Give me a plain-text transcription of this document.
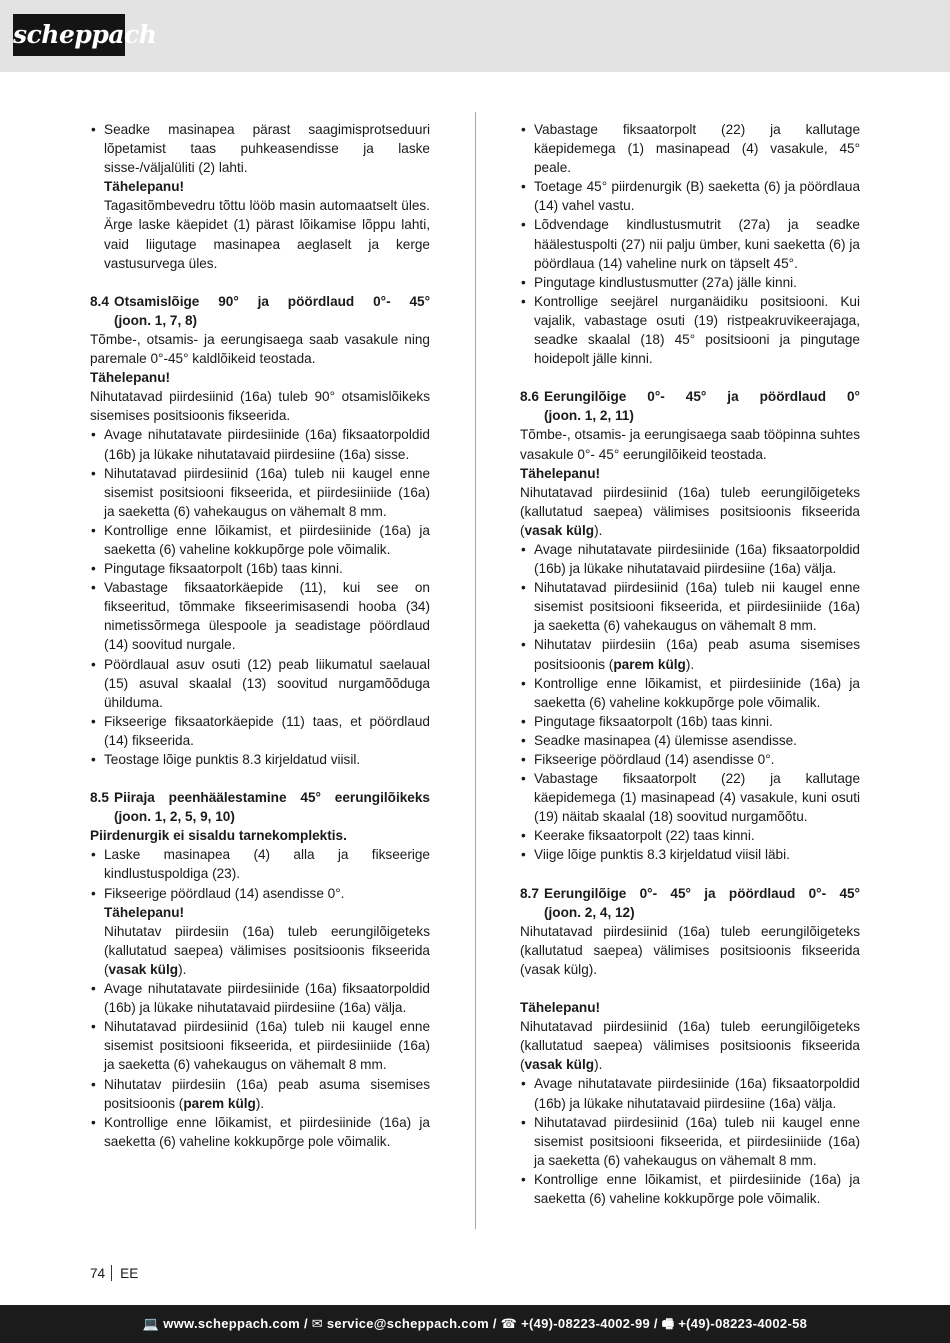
scheppach
• Seadke masinapea pärast saagimisprotseduuri lõpetamist taas puhkeasendisse ja laske sisse-/väljalüliti (2) lahti.
Tähelepanu!
Tagasitõmbevedru tõttu lööb masin automaatselt üles. Ärge laske käepidet (1) pärast lõikamise lõppu lahti, vaid liigutage masinapea aeglaselt ja kerge vastusurvega üles.
8.4 Otsamislõige 90° ja pöördlaud 0°- 45°
(joon. 1, 7, 8)
Tõmbe-, otsamis- ja eerungisaega saab vasakule ning paremale 0°-45° kaldlõikeid teostada.
Tähelepanu!
Nihutatavad piirdesiinid (16a) tuleb 90° otsamislõikeks sisemises positsioonis fikseerida.
• Avage nihutatavate piirdesiinide (16a) fiksaatorpoldid (16b) ja lükake nihutatavaid piirdesiine (16a) sisse.
• Nihutatavad piirdesiinid (16a) tuleb nii kaugel enne sisemist positsiooni fikseerida, et piirdesiiniide (16a) ja saeketta (6) vahekaugus on vähemalt 8 mm.
• Kontrollige enne lõikamist, et piirdesiinide (16a) ja saeketta (6) vaheline kokkupõrge pole võimalik.
• Pingutage fiksaatorpolt (16b) taas kinni.
• Vabastage fiksaatorkäepide (11), kui see on fikseeritud, tõmmake fikseerimisasendi hooba (34) nimetissõrmega ülespoole ja seadistage pöördlaud (14) soovitud nurgale.
• Pöördlaual asuv osuti (12) peab liikumatul saelaual (15) asuval skaalal (13) soovitud nurgamõõduga ühilduma.
• Fikseerige fiksaatorkäepide (11) taas, et pöördlaud (14) fikseerida.
• Teostage lõige punktis 8.3 kirjeldatud viisil.
8.5 Piiraja peenhäälestamine 45° eerungilõikeks
(joon. 1, 2, 5, 9, 10)
Piirdenurgik ei sisaldu tarnekomplektis.
• Laske masinapea (4) alla ja fikseerige kindlustuspoldiga (23).
• Fikseerige pöördlaud (14) asendisse 0°.
Tähelepanu!
Nihutatav piirdesiin (16a) tuleb eerungilõigeteks (kallutatud saepea) välimises positsioonis fikseerida (vasak külg).
• Avage nihutatavate piirdesiinide (16a) fiksaatorpoldid (16b) ja lükake nihutatavaid piirdesiine (16a) välja.
• Nihutatavad piirdesiinid (16a) tuleb nii kaugel enne sisemist positsiooni fikseerida, et piirdesiiniide (16a) ja saeketta (6) vahekaugus on vähemalt 8 mm.
• Nihutatav piirdesiin (16a) peab asuma sisemises positsioonis (parem külg).
• Kontrollige enne lõikamist, et piirdesiinide (16a) ja saeketta (6) vaheline kokkupõrge pole võimalik.
• Vabastage fiksaatorpolt (22) ja kallutage käepidemega (1) masinapead (4) vasakule, 45° peale.
• Toetage 45° piirdenurgik (B) saeketta (6) ja pöördlaua (14) vahel vastu.
• Lõdvendage kindlustusmutrit (27a) ja seadke häälestuspolti (27) nii palju ümber, kuni saeketta (6) ja pöördlaua (14) vaheline nurk on täpselt 45°.
• Pingutage kindlustusmutter (27a) jälle kinni.
• Kontrollige seejärel nurganäidiku positsiooni. Kui vajalik, vabastage osuti (19) ristpeakruvikeerajaga, seadke skaalal (18) 45° positsiooni ja pingutage hoidepolt jälle kinni.
8.6 Eerungilõige 0°- 45° ja pöördlaud 0°
(joon. 1, 2, 11)
Tõmbe-, otsamis- ja eerungisaega saab tööpinna suhtes vasakule 0°- 45° eerungilõikeid teostada.
Tähelepanu!
Nihutatavad piirdesiinid (16a) tuleb eerungilõigeteks (kallutatud saepea) välimises positsioonis fikseerida (vasak külg).
• Avage nihutatavate piirdesiinide (16a) fiksaatorpoldid (16b) ja lükake nihutatavaid piirdesiine (16a) välja.
• Nihutatavad piirdesiinid (16a) tuleb nii kaugel enne sisemist positsiooni fikseerida, et piirdesiiniide (16a) ja saeketta (6) vahekaugus on vähemalt 8 mm.
• Nihutatav piirdesiin (16a) peab asuma sisemises positsioonis (parem külg).
• Kontrollige enne lõikamist, et piirdesiinide (16a) ja saeketta (6) vaheline kokkupõrge pole võimalik.
• Pingutage fiksaatorpolt (16b) taas kinni.
• Seadke masinapea (4) ülemisse asendisse.
• Fikseerige pöördlaud (14) asendisse 0°.
• Vabastage fiksaatorpolt (22) ja kallutage käepidemega (1) masinapead (4) vasakule, kuni osuti (19) näitab skaalal (18) soovitud nurgamõõtu.
• Keerake fiksaatorpolt (22) taas kinni.
• Viige lõige punktis 8.3 kirjeldatud viisil läbi.
8.7 Eerungilõige 0°- 45° ja pöördlaud 0°- 45°
(joon. 2, 4, 12)
Nihutatavad piirdesiinid (16a) tuleb eerungilõigeteks (kallutatud saepea) välimises positsioonis fikseerida (vasak külg).
Tähelepanu!
Nihutatavad piirdesiinid (16a) tuleb eerungilõigeteks (kallutatud saepea) välimises positsioonis fikseerida (vasak külg).
• Avage nihutatavate piirdesiinide (16a) fiksaatorpoldid (16b) ja lükake nihutatavaid piirdesiine (16a) välja.
• Nihutatavad piirdesiinid (16a) tuleb nii kaugel enne sisemist positsiooni fikseerida, et piirdesiiniide (16a) ja saeketta (6) vahekaugus on vähemalt 8 mm.
• Kontrollige enne lõikamist, et piirdesiinide (16a) ja saeketta (6) vaheline kokkupõrge pole võimalik.
74 EE
💻 www.scheppach.com / ✉ service@scheppach.com / ☎ +(49)-08223-4002-99 / 🖷 +(49)-08223-4002-58
